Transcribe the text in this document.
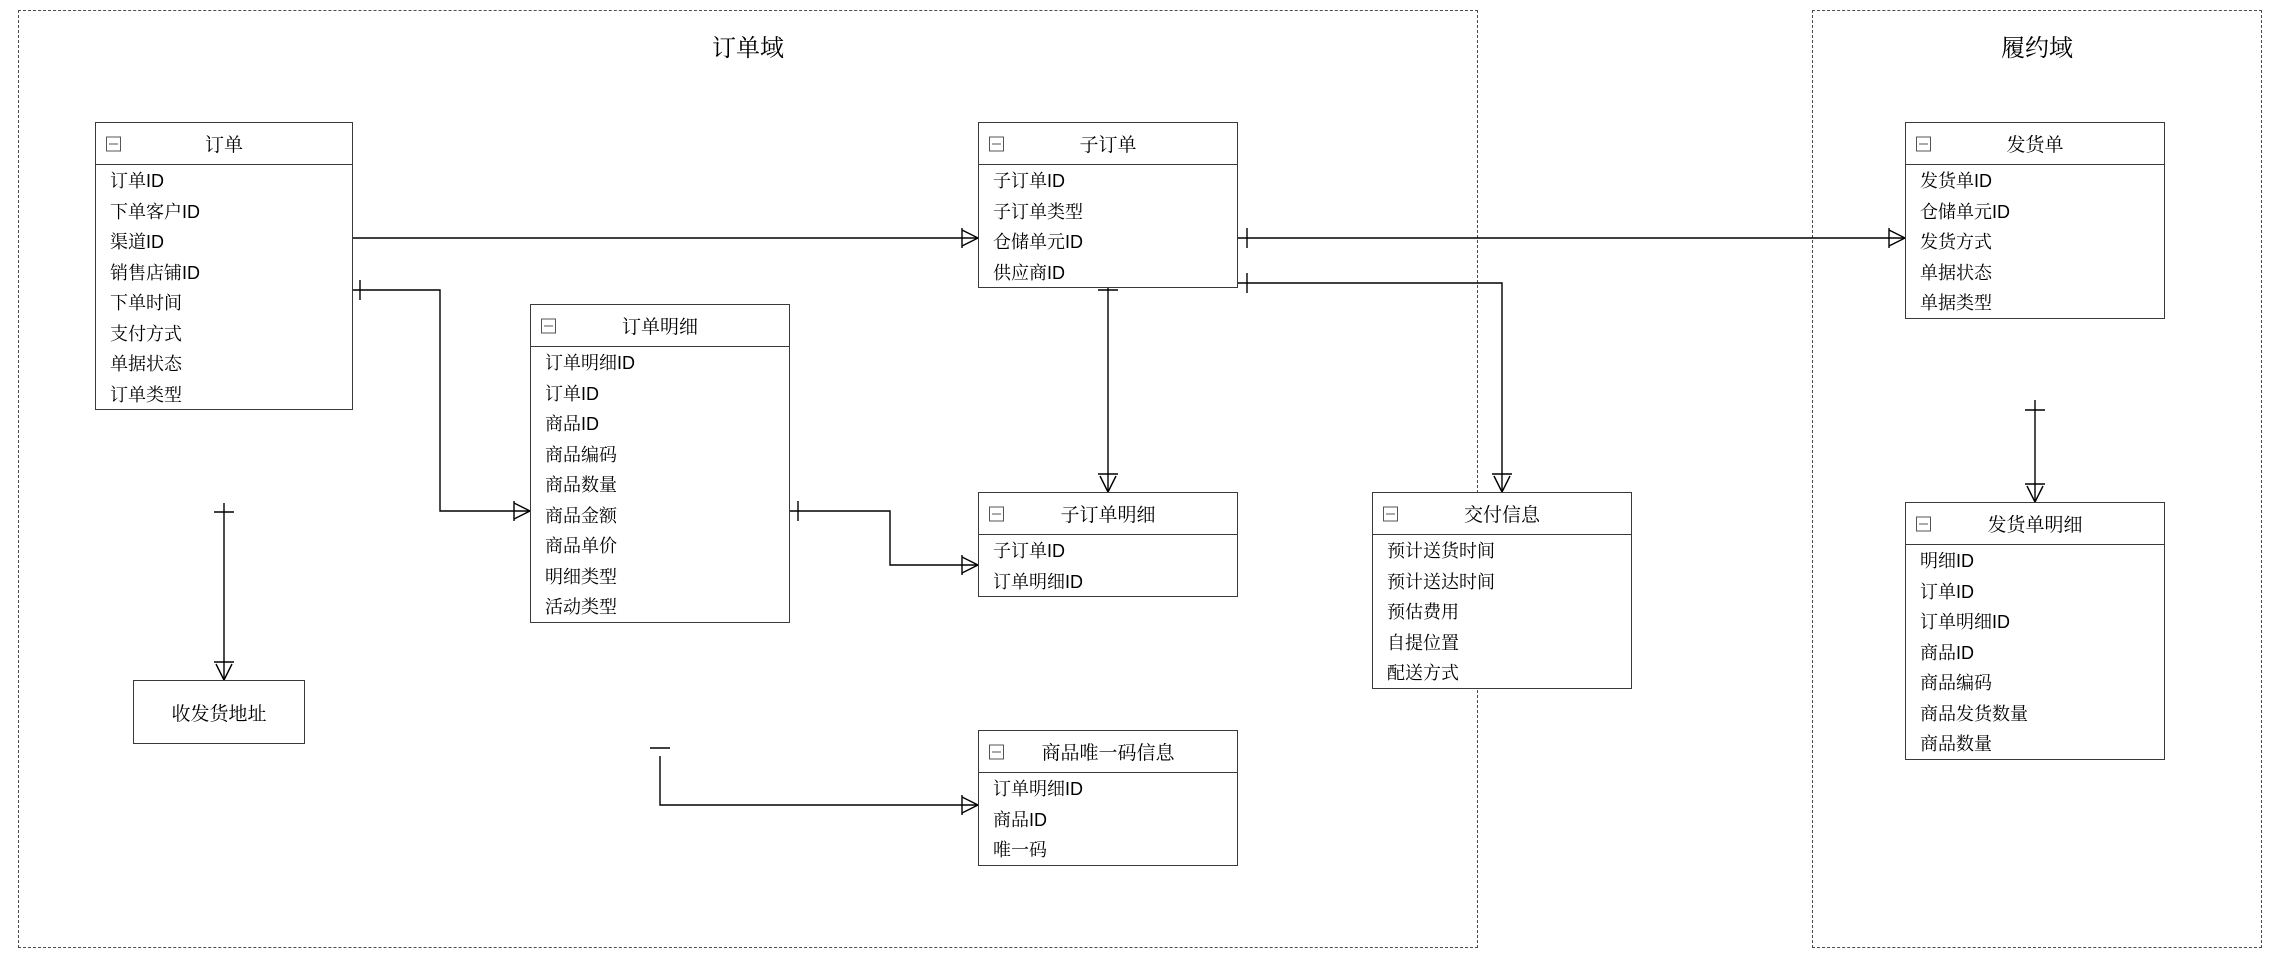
订单域	履约域
订单
订单ID
下单客户ID
渠道ID
销售店铺ID
下单时间
支付方式
单据状态
订单类型
订单明细
订单明细ID
订单ID
商品ID
商品编码
商品数量
商品金额
商品单价
明细类型
活动类型
子订单
子订单ID
子订单类型
仓储单元ID
供应商ID
子订单明细
子订单ID
订单明细ID
交付信息
预计送货时间
预计送达时间
预估费用
自提位置
配送方式
商品唯一码信息
订单明细ID
商品ID
唯一码
发货单
发货单ID
仓储单元ID
发货方式
单据状态
单据类型
发货单明细
明细ID
订单ID
订单明细ID
商品ID
商品编码
商品发货数量
商品数量
收发货地址
